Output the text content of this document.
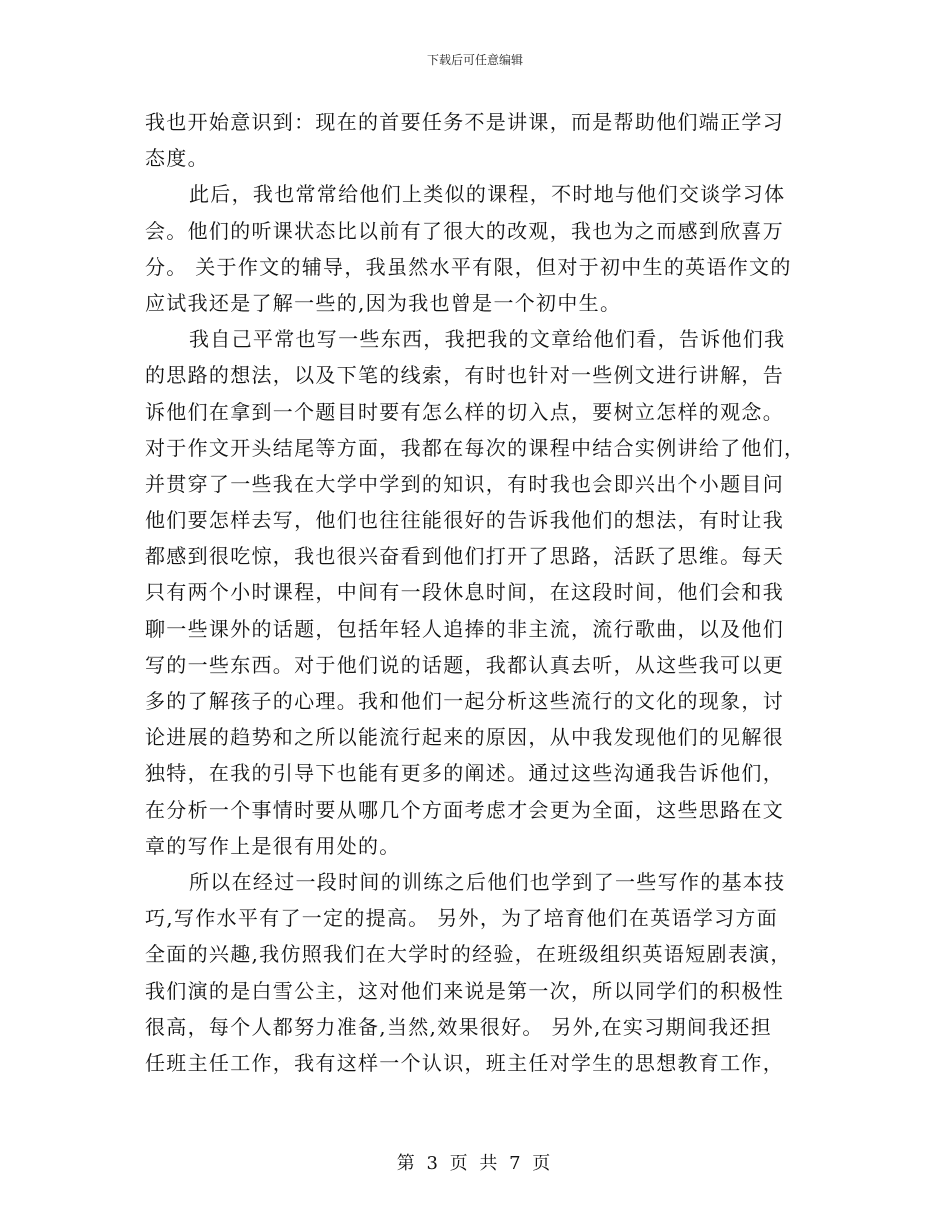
下载后可任意编辑
我也开始意识到：现在的首要任务不是讲课，而是帮助他们端正学习
态度。
此后，我也常常给他们上类似的课程，不时地与他们交谈学习体
会。他们的听课状态比以前有了很大的改观，我也为之而感到欣喜万
分。 关于作文的辅导，我虽然水平有限，但对于初中生的英语作文的
应试我还是了解一些的,因为我也曾是一个初中生。
我自己平常也写一些东西，我把我的文章给他们看，告诉他们我
的思路的想法，以及下笔的线索，有时也针对一些例文进行讲解，告
诉他们在拿到一个题目时要有怎么样的切入点，要树立怎样的观念。
对于作文开头结尾等方面，我都在每次的课程中结合实例讲给了他们，
并贯穿了一些我在大学中学到的知识，有时我也会即兴出个小题目问
他们要怎样去写，他们也往往能很好的告诉我他们的想法，有时让我
都感到很吃惊，我也很兴奋看到他们打开了思路，活跃了思维。每天
只有两个小时课程，中间有一段休息时间，在这段时间，他们会和我
聊一些课外的话题，包括年轻人追捧的非主流，流行歌曲，以及他们
写的一些东西。对于他们说的话题，我都认真去听，从这些我可以更
多的了解孩子的心理。我和他们一起分析这些流行的文化的现象，讨
论进展的趋势和之所以能流行起来的原因，从中我发现他们的见解很
独特，在我的引导下也能有更多的阐述。通过这些沟通我告诉他们，
在分析一个事情时要从哪几个方面考虑才会更为全面，这些思路在文
章的写作上是很有用处的。
所以在经过一段时间的训练之后他们也学到了一些写作的基本技
巧,写作水平有了一定的提高。 另外，为了培育他们在英语学习方面
全面的兴趣,我仿照我们在大学时的经验，在班级组织英语短剧表演，
我们演的是白雪公主，这对他们来说是第一次，所以同学们的积极性
很高，每个人都努力准备,当然,效果很好。 另外,在实习期间我还担
任班主任工作，我有这样一个认识，班主任对学生的思想教育工作，
第 3 页 共 7 页
